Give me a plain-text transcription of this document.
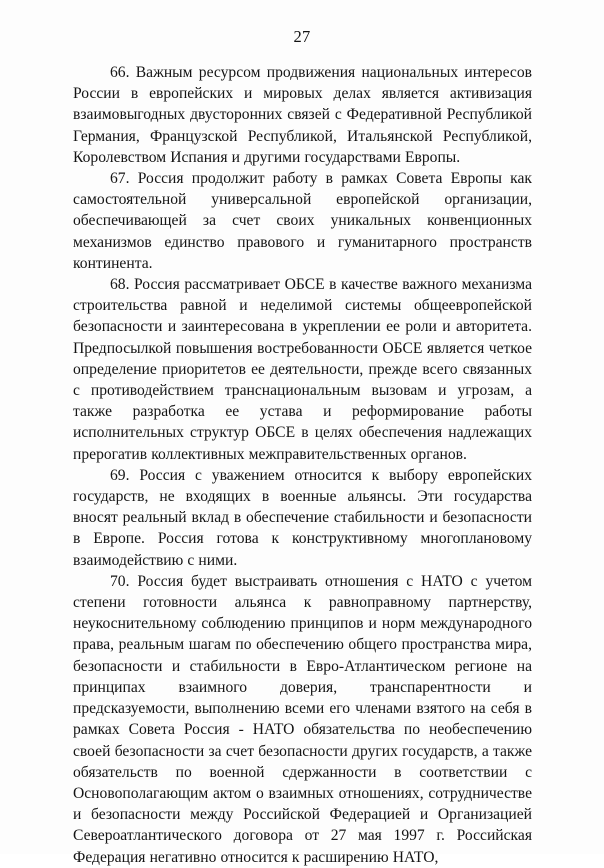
27

66. Важным ресурсом продвижения национальных интересов России в европейских и мировых делах является активизация взаимовыгодных двусторонних связей с Федеративной Республикой Германия, Французской Республикой, Итальянской Республикой, Королевством Испания и другими государствами Европы.

67. Россия продолжит работу в рамках Совета Европы как самостоятельной универсальной европейской организации, обеспечивающей за счет своих уникальных конвенционных механизмов единство правового и гуманитарного пространств континента.

68. Россия рассматривает ОБСЕ в качестве важного механизма строительства равной и неделимой системы общеевропейской безопасности и заинтересована в укреплении ее роли и авторитета. Предпосылкой повышения востребованности ОБСЕ является четкое определение приоритетов ее деятельности, прежде всего связанных с противодействием транснациональным вызовам и угрозам, а также разработка ее устава и реформирование работы исполнительных структур ОБСЕ в целях обеспечения надлежащих прерогатив коллективных межправительственных органов.

69. Россия с уважением относится к выбору европейских государств, не входящих в военные альянсы. Эти государства вносят реальный вклад в обеспечение стабильности и безопасности в Европе. Россия готова к конструктивному многоплановому взаимодействию с ними.

70. Россия будет выстраивать отношения с НАТО с учетом степени готовности альянса к равноправному партнерству, неукоснительному соблюдению принципов и норм международного права, реальным шагам по обеспечению общего пространства мира, безопасности и стабильности в Евро-Атлантическом регионе на принципах взаимного доверия, транспарентности и предсказуемости, выполнению всеми его членами взятого на себя в рамках Совета Россия - НАТО обязательства по необеспечению своей безопасности за счет безопасности других государств, а также обязательств по военной сдержанности в соответствии с Основополагающим актом о взаимных отношениях, сотрудничестве и безопасности между Российской Федерацией и Организацией Североатлантического договора от 27 мая 1997 г. Российская Федерация негативно относится к расширению НАТО,
